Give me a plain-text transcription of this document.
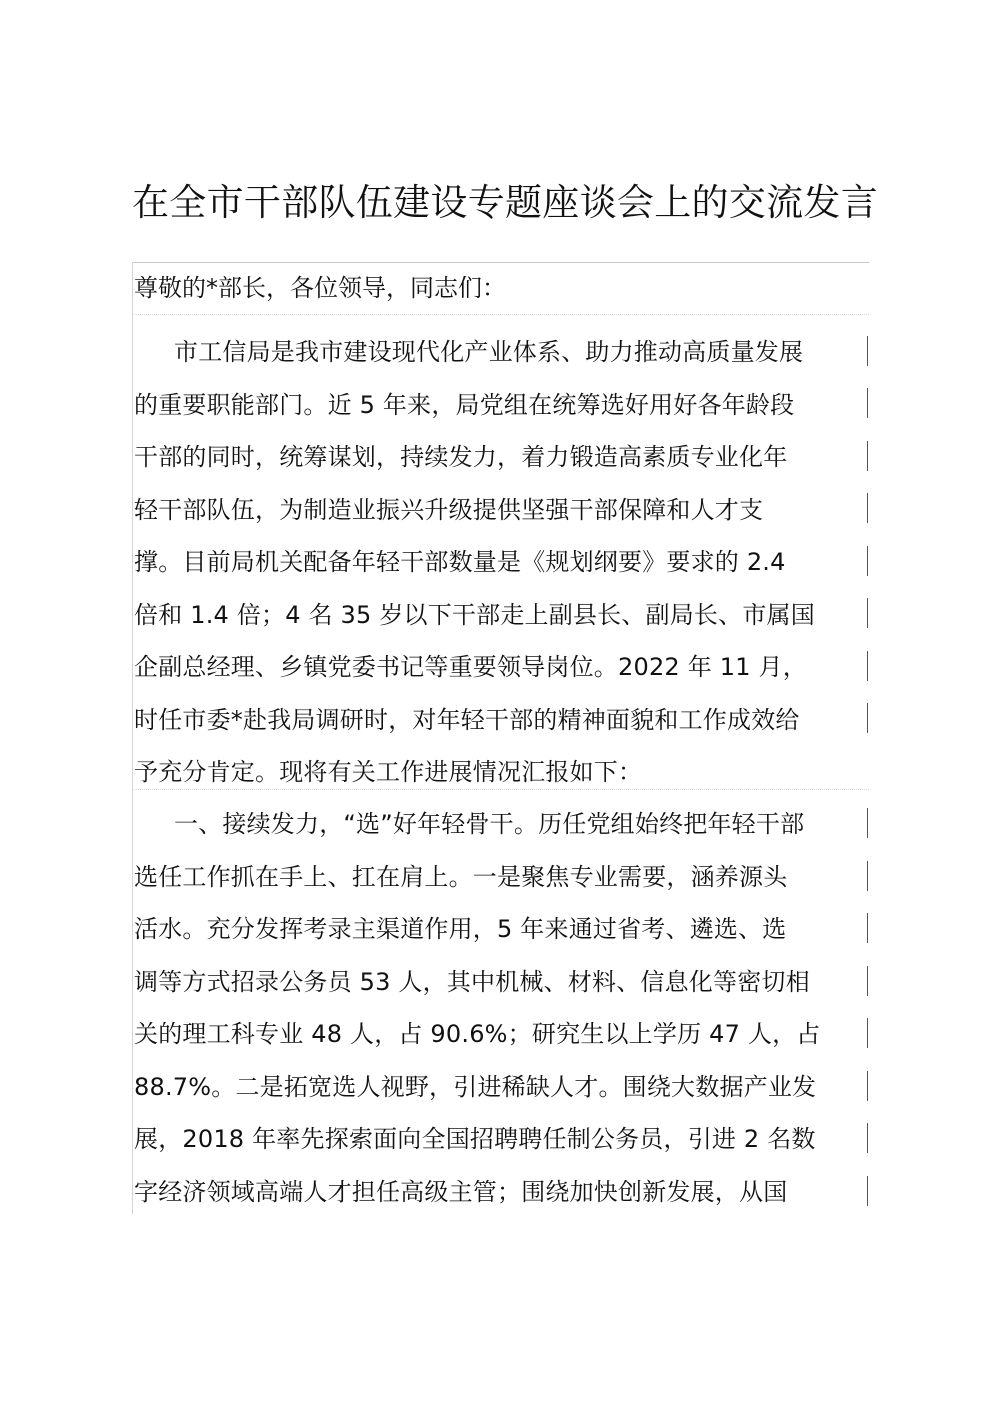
在全市干部队伍建设专题座谈会上的交流发言
尊敬的*部长，各位领导，同志们：
市工信局是我市建设现代化产业体系、助力推动高质量发展
的重要职能部门。近 5 年来，局党组在统筹选好用好各年龄段
干部的同时，统筹谋划，持续发力，着力锻造高素质专业化年
轻干部队伍，为制造业振兴升级提供坚强干部保障和人才支
撑。目前局机关配备年轻干部数量是《规划纲要》要求的 2.4
倍和 1.4 倍；4 名 35 岁以下干部走上副县长、副局长、市属国
企副总经理、乡镇党委书记等重要领导岗位。2022 年 11 月，
时任市委*赴我局调研时，对年轻干部的精神面貌和工作成效给
予充分肯定。现将有关工作进展情况汇报如下：
一、接续发力，“选”好年轻骨干。历任党组始终把年轻干部
选任工作抓在手上、扛在肩上。一是聚焦专业需要，涵养源头
活水。充分发挥考录主渠道作用，5 年来通过省考、遴选、选
调等方式招录公务员 53 人，其中机械、材料、信息化等密切相
关的理工科专业 48 人，占 90.6%；研究生以上学历 47 人，占
88.7%。二是拓宽选人视野，引进稀缺人才。围绕大数据产业发
展，2018 年率先探索面向全国招聘聘任制公务员，引进 2 名数
字经济领域高端人才担任高级主管；围绕加快创新发展，从国
